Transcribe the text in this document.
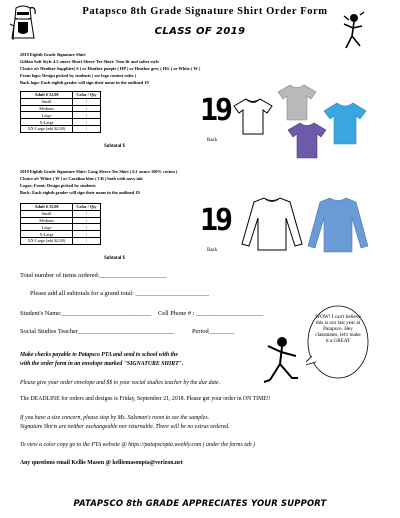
Patapsco 8th Grade Signature Shirt Order Form
CLASS OF 2019
2019 Eighth Grade Signature Shirt
Gildan Soft Style 4.5 ounce Short Sleeve Tee Shirt: Teen fit and softer style
Choice of: Heather Sapphire( S ) or Heather purple ( HP ) or Heather grey ( HG ) or White ( W )
Front logo: Design picked by students ( see logo contest rules )
Back logo: Each eighth grader will sign their name in the outlined 19
Adult $ 12.00	Color / Qty
Small	/
Medium	/
Large	/
X-Large	/
XX-Large (add $2.00)	/
Subtotal $
19
Back
2019 Eighth Grade Signature Shirt: Long Sleeve Tee Shirt ( 6.1 ounce 100% cotton )
Choice of: White ( W ) or Carolina blue ( CB ) both with navy ink
Logos: Front: Design picked by students
Back: Each eighth grader will sign their name in the outlined 19
Adult $ 15.00	Color / Qty
Small	/
Medium	/
Large	/
X-Large	/
XX-Large (add $2.00)	/
Subtotal $
19
Back
Total number of items ordered:_____________________
Please add all subtotals for a grand total: _______________________
Student's Name:____________________________ Cell Phone # : _____________________
Social Studies Teacher______________________________	Period________
WOW! I can't believe this is our last year at Patapsco. Hey classmates, let's make it a GREAT
Make checks payable to Patapsco PTA and send to school with the
with the order form in an envelope marked "SIGNATURE SHIRT".
Please give your order envelope and $$ to your social studies teacher by the due date.
The DEADLINE for orders and designs is Friday, September 21, 2018. Please get your order in ON TIME!!
If you have a size concern, please stop by Ms. Salsman's room to see the samples.
Signature Shirts are neither exchangeable nor returnable. There will be no extras ordered.
To view a color copy go to the PTA website @ https://patapscopta.weebly.com ( under the forms tab )
Any questions email Kellie Mason @ kelliemasonpta@verizon.net
PATAPSCO 8th GRADE APPRECIATES YOUR SUPPORT
